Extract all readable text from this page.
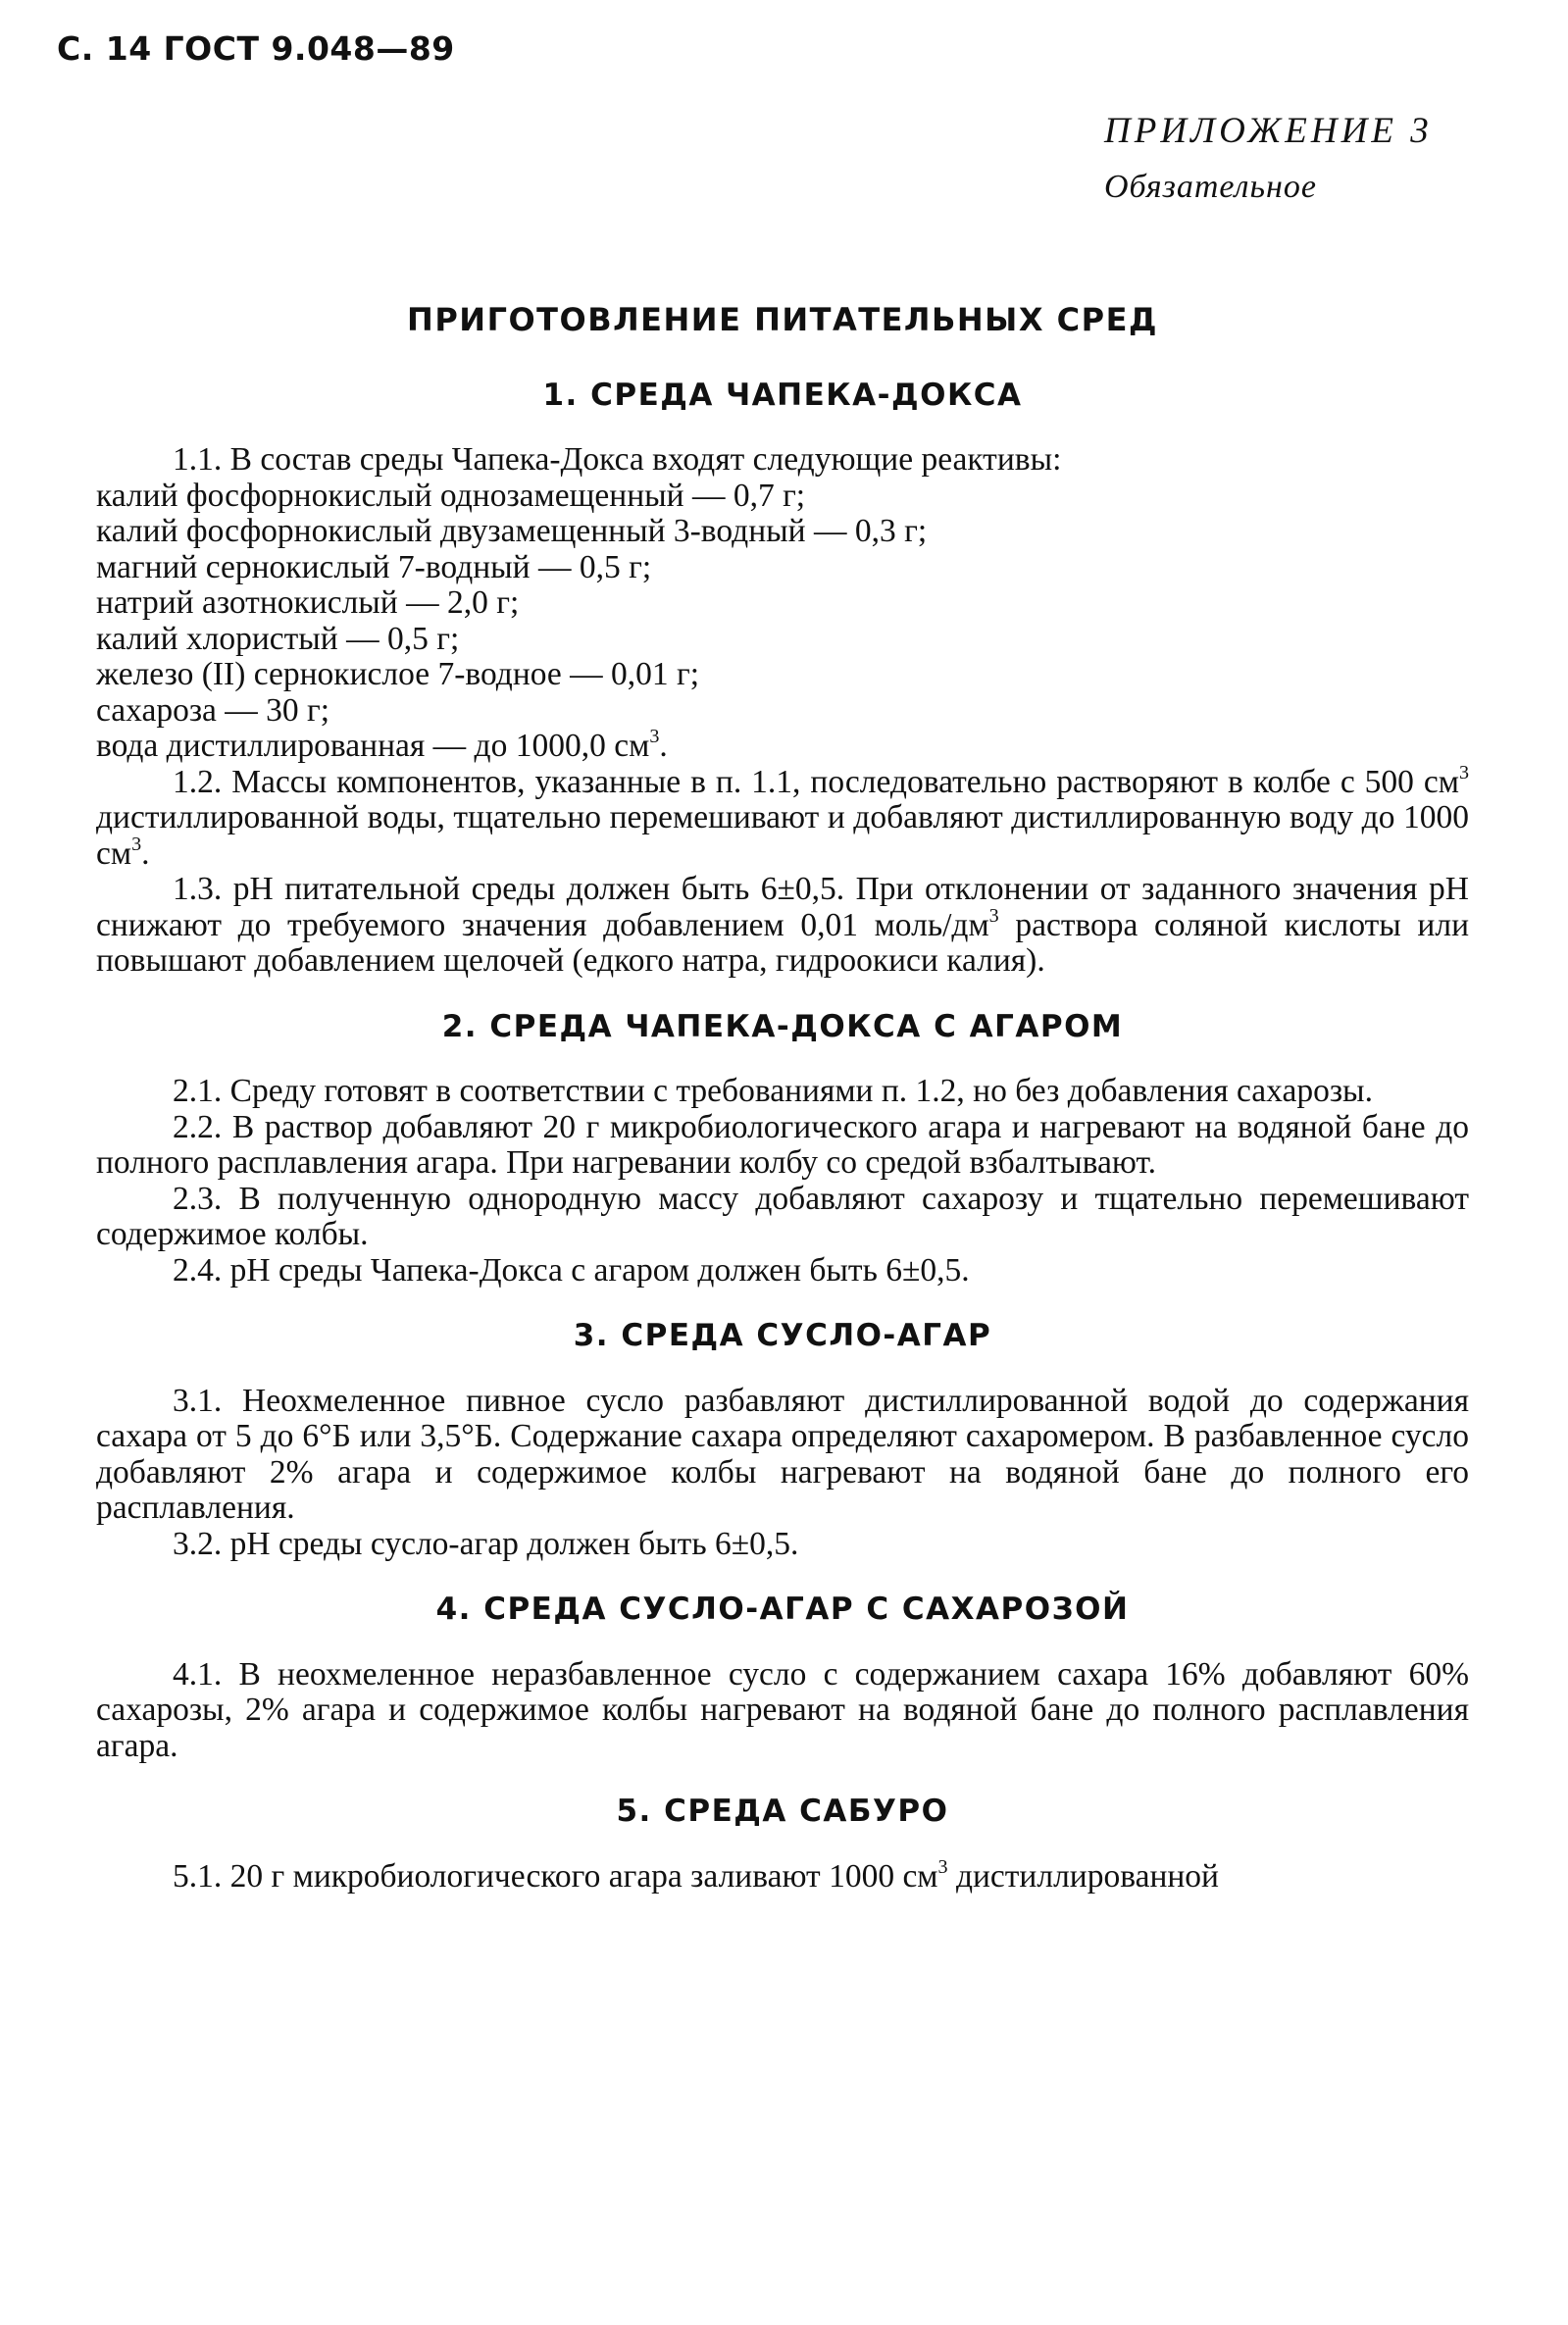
С. 14 ГОСТ 9.048—89
ПРИЛОЖЕНИЕ 3
Обязательное
ПРИГОТОВЛЕНИЕ ПИТАТЕЛЬНЫХ СРЕД
1. СРЕДА ЧАПЕКА-ДОКСА

1.1. В состав среды Чапека-Докса входят следующие реактивы:

калий фосфорнокислый однозамещенный — 0,7 г;

калий фосфорнокислый двузамещенный 3-водный — 0,3 г;

магний сернокислый 7-водный — 0,5 г;

натрий азотнокислый — 2,0 г;

калий хлористый — 0,5 г;

железо (II) сернокислое 7-водное — 0,01 г;

сахароза — 30 г;

вода дистиллированная — до 1000,0 $см^3$.

1.2. Массы компонентов, указанные в п. 1.1, последовательно растворяют в колбе с 500 $см^3$ дистиллированной воды, тщательно перемешивают и добавляют дистиллированную воду до 1000 $см^3$.

1.3. рН питательной среды должен быть 6±0,5. При отклонении от заданного значения рН снижают до требуемого значения добавлением 0,01 моль/$дм^3$ раствора соляной кислоты или повышают добавлением щелочей (едкого натра, гидроокиси калия).

2. СРЕДА ЧАПЕКА-ДОКСА С АГАРОМ

2.1. Среду готовят в соответствии с требованиями п. 1.2, но без добавления сахарозы.

2.2. В раствор добавляют 20 г микробиологического агара и нагревают на водяной бане до полного расплавления агара. При нагревании колбу со средой взбалтывают.

2.3. В полученную однородную массу добавляют сахарозу и тщательно перемешивают содержимое колбы.

2.4. рН среды Чапека-Докса с агаром должен быть 6±0,5.

3. СРЕДА СУСЛО-АГАР

3.1. Неохмеленное пивное сусло разбавляют дистиллированной водой до содержания сахара от 5 до 6°Б или 3,5°Б. Содержание сахара определяют сахаромером. В разбавленное сусло добавляют 2% агара и содержимое колбы нагревают на водяной бане до полного его расплавления.

3.2. рН среды сусло-агар должен быть 6±0,5.

4. СРЕДА СУСЛО-АГАР С САХАРОЗОЙ

4.1. В неохмеленное неразбавленное сусло с содержанием сахара 16% добавляют 60% сахарозы, 2% агара и содержимое колбы нагревают на водяной бане до полного расплавления агара.

5. СРЕДА САБУРО

5.1. 20 г микробиологического агара заливают 1000 $см^3$ дистиллированной
